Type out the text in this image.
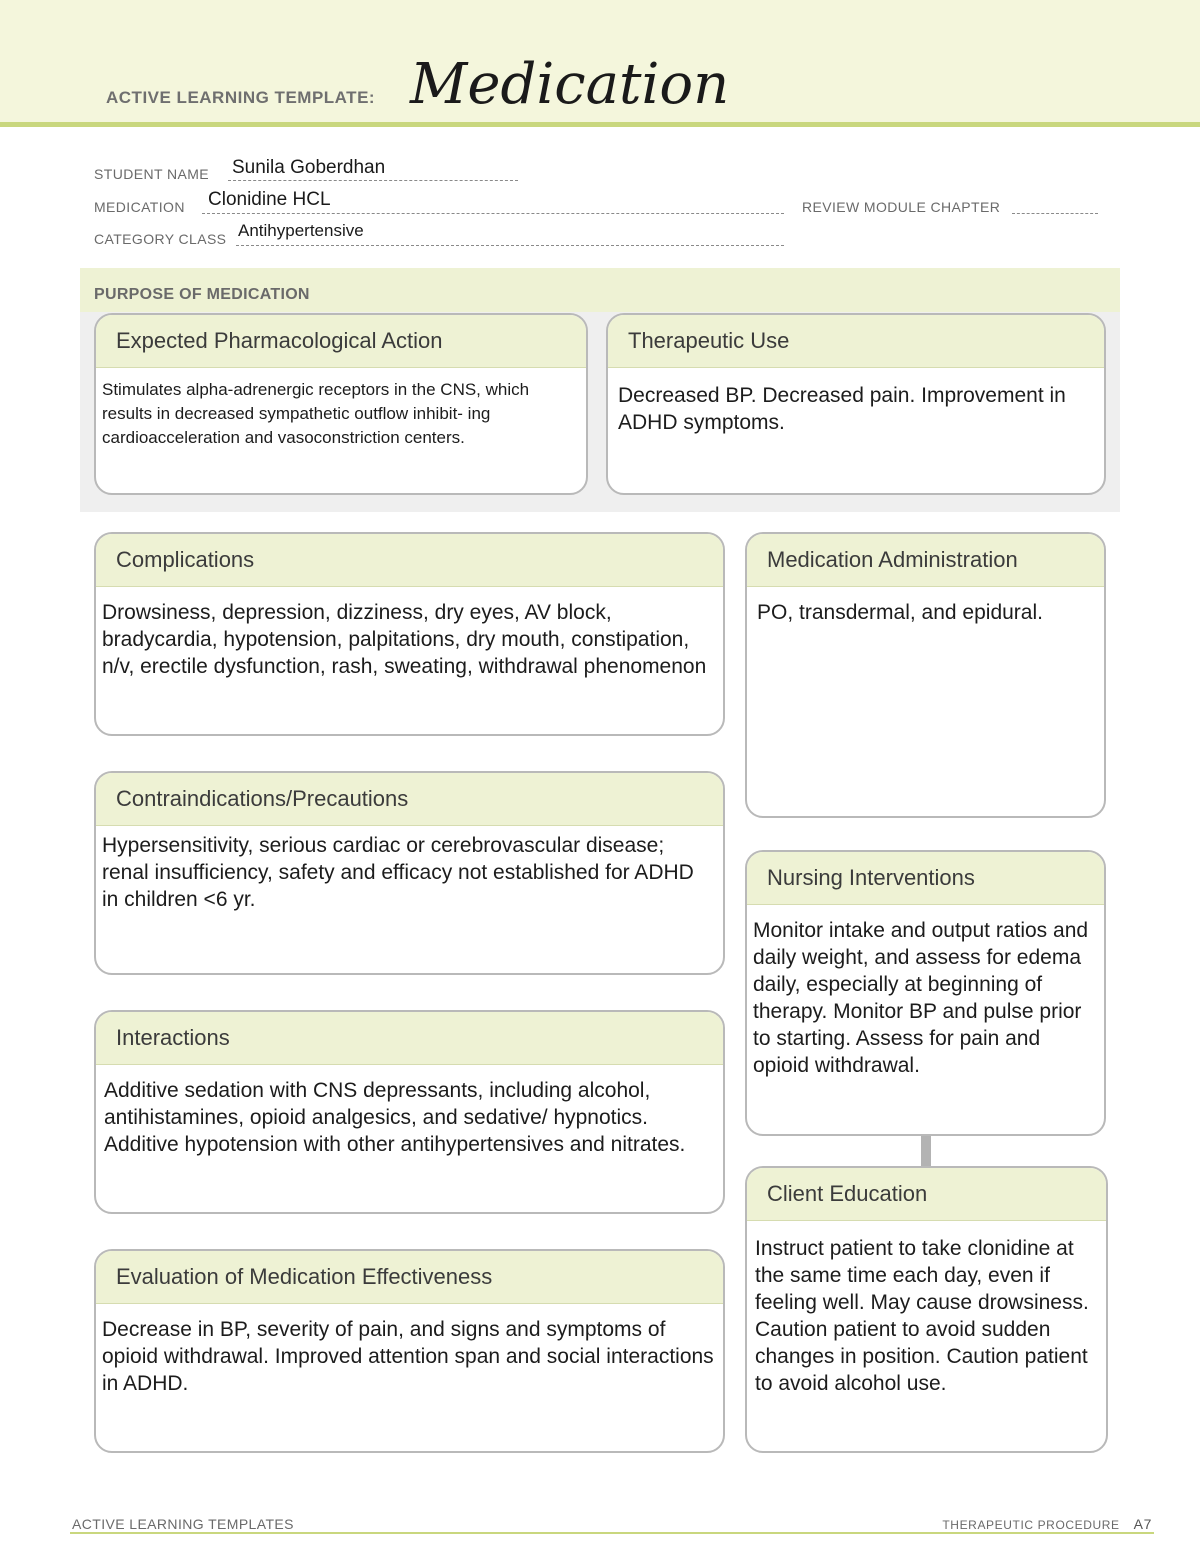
ACTIVE LEARNING TEMPLATE: Medication
STUDENT NAME Sunila Goberdhan
MEDICATION Clonidine HCL	REVIEW MODULE CHAPTER
CATEGORY CLASS Antihypertensive
PURPOSE OF MEDICATION
Expected Pharmacological Action
Stimulates alpha-adrenergic receptors in the CNS, which results in decreased sympathetic outflow inhibit- ing cardioacceleration and vasoconstriction centers.
Therapeutic Use
Decreased BP. Decreased pain. Improvement in ADHD symptoms.
Complications
Drowsiness, depression, dizziness, dry eyes, AV block, bradycardia, hypotension, palpitations, dry mouth, constipation, n/v, erectile dysfunction, rash, sweating, withdrawal phenomenon
Contraindications/Precautions
Hypersensitivity, serious cardiac or cerebrovascular disease; renal insufficiency, safety and efficacy not established for ADHD in children <6 yr.
Interactions
Additive sedation with CNS depressants, including alcohol, antihistamines, opioid analgesics, and sedative/ hypnotics. Additive hypotension with other antihypertensives and nitrates.
Evaluation of Medication Effectiveness
Decrease in BP, severity of pain, and signs and symptoms of opioid withdrawal. Improved attention span and social interactions in ADHD.
Medication Administration
PO, transdermal, and epidural.
Nursing Interventions
Monitor intake and output ratios and daily weight, and assess for edema daily, especially at beginning of therapy. Monitor BP and pulse prior to starting. Assess for pain and opioid withdrawal.
Client Education
Instruct patient to take clonidine at the same time each day, even if feeling well. May cause drowsiness. Caution patient to avoid sudden changes in position. Caution patient to avoid alcohol use.
ACTIVE LEARNING TEMPLATES	THERAPEUTIC PROCEDURE A7
